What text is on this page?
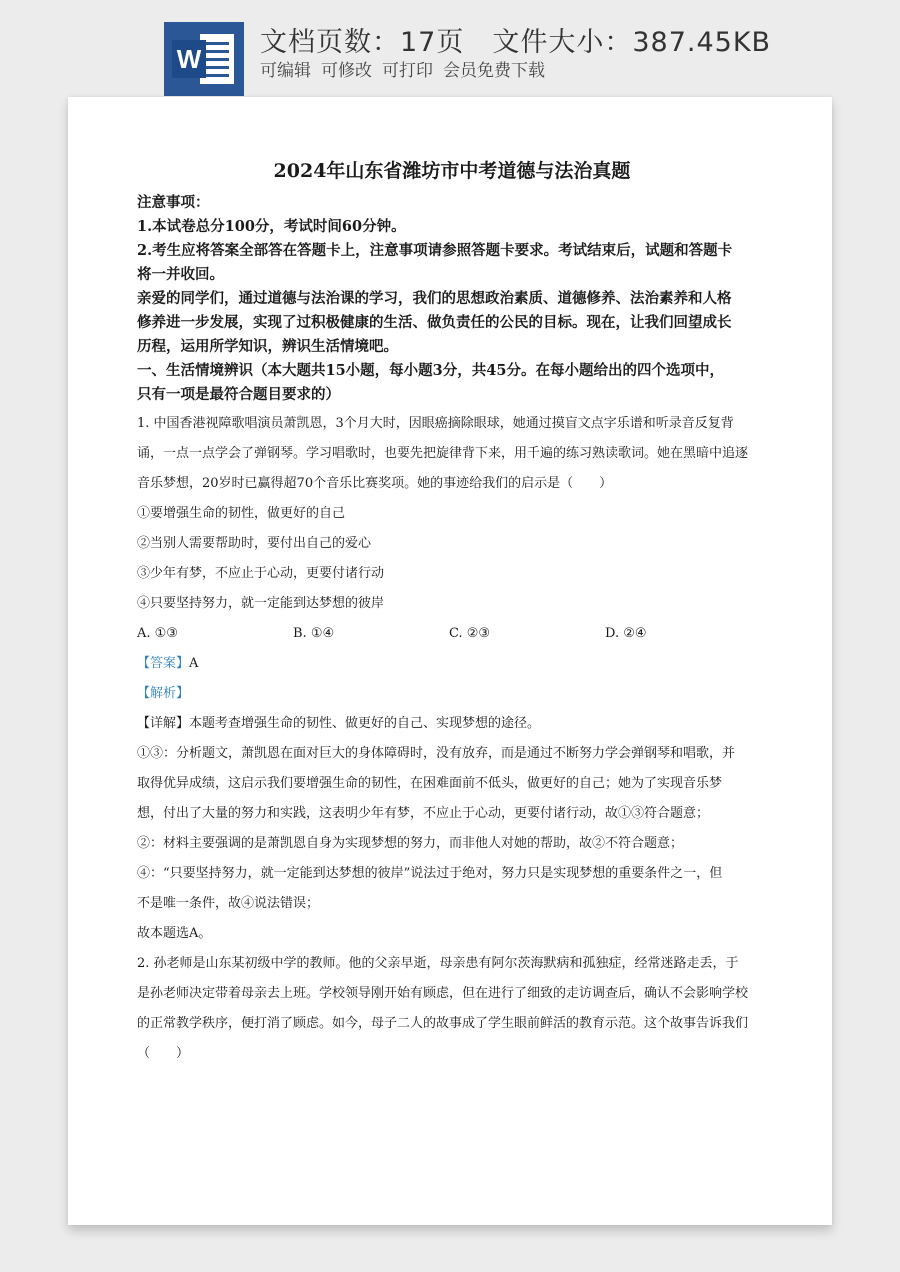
W
文档页数：17页 文件大小：387.45KB
可编辑 可修改 可打印 会员免费下载

2024年山东省潍坊市中考道德与法治真题

注意事项：

1.本试卷总分100分，考试时间60分钟。

2.考生应将答案全部答在答题卡上，注意事项请参照答题卡要求。考试结束后，试题和答题卡

将一并收回。

亲爱的同学们，通过道德与法治课的学习，我们的思想政治素质、道德修养、法治素养和人格

修养进一步发展，实现了过积极健康的生活、做负责任的公民的目标。现在，让我们回望成长

历程，运用所学知识，辨识生活情境吧。

一、生活情境辨识（本大题共15小题，每小题3分，共45分。在每小题给出的四个选项中，

只有一项是最符合题目要求的）

1. 中国香港视障歌唱演员萧凯恩，3个月大时，因眼癌摘除眼球，她通过摸盲文点字乐谱和听录音反复背

诵，一点一点学会了弹钢琴。学习唱歌时，也要先把旋律背下来，用千遍的练习熟读歌词。她在黑暗中追逐

音乐梦想，20岁时已赢得超70个音乐比赛奖项。她的事迹给我们的启示是（　　）

①要增强生命的韧性，做更好的自己

②当别人需要帮助时，要付出自己的爱心

③少年有梦，不应止于心动，更要付诸行动

④只要坚持努力，就一定能到达梦想的彼岸

A. ①③	B. ①④	C. ②③	D. ②④

【答案】A

【解析】

【详解】本题考查增强生命的韧性、做更好的自己、实现梦想的途径。

①③：分析题文，萧凯恩在面对巨大的身体障碍时，没有放弃，而是通过不断努力学会弹钢琴和唱歌，并

取得优异成绩，这启示我们要增强生命的韧性，在困难面前不低头，做更好的自己；她为了实现音乐梦

想，付出了大量的努力和实践，这表明少年有梦，不应止于心动，更要付诸行动，故①③符合题意；

②：材料主要强调的是萧凯恩自身为实现梦想的努力，而非他人对她的帮助，故②不符合题意；

④：“只要坚持努力，就一定能到达梦想的彼岸”说法过于绝对，努力只是实现梦想的重要条件之一，但

不是唯一条件，故④说法错误；

故本题选A。

2. 孙老师是山东某初级中学的教师。他的父亲早逝，母亲患有阿尔茨海默病和孤独症，经常迷路走丢，于

是孙老师决定带着母亲去上班。学校领导刚开始有顾虑，但在进行了细致的走访调查后，确认不会影响学校

的正常教学秩序，便打消了顾虑。如今，母子二人的故事成了学生眼前鲜活的教育示范。这个故事告诉我们

（　　）
